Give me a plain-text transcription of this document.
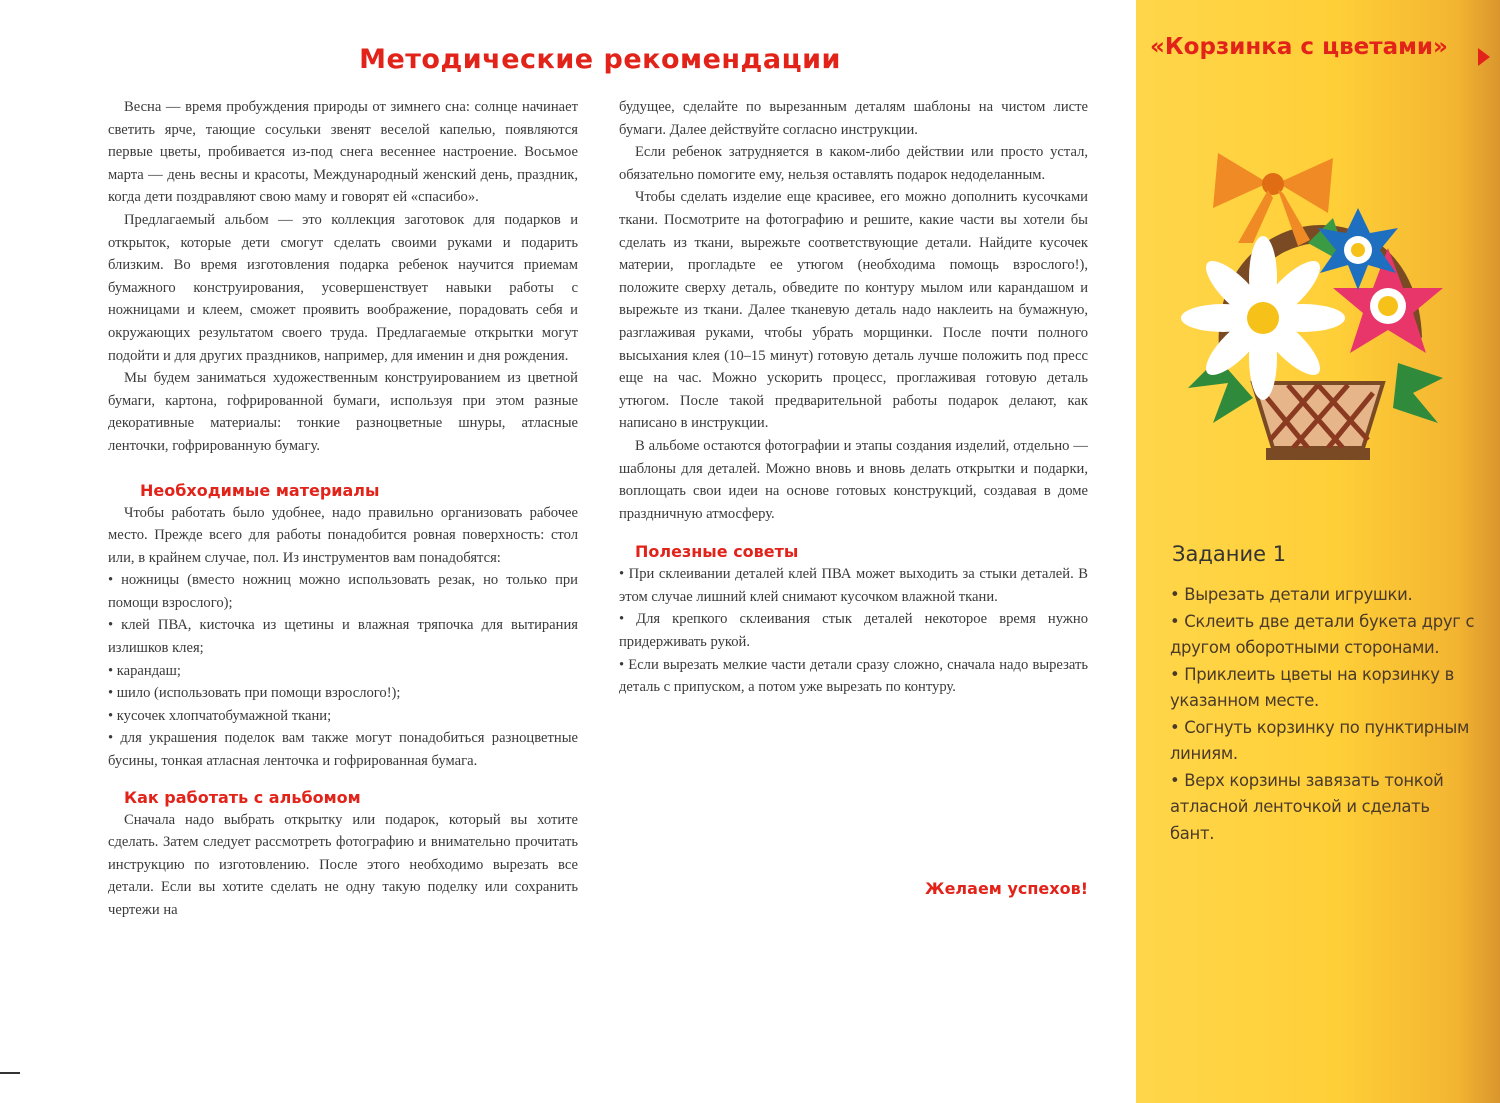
Методические рекомендации

Весна — время пробуждения природы от зимнего сна: солнце начинает светить ярче, тающие сосульки звенят веселой капелью, появляются первые цветы, пробивается из-под снега весеннее настроение. Восьмое марта — день весны и красоты, Международный женский день, праздник, когда дети поздравляют свою маму и говорят ей «спасибо».

Предлагаемый альбом — это коллекция заготовок для подарков и открыток, которые дети смогут сделать своими руками и подарить близким. Во время изготовления подарка ребенок научится приемам бумажного конструирования, усовершенствует навыки работы с ножницами и клеем, сможет проявить воображение, порадовать себя и окружающих результатом своего труда. Предлагаемые открытки могут подойти и для других праздников, например, для именин и дня рождения.

Мы будем заниматься художественным конструированием из цветной бумаги, картона, гофрированной бумаги, используя при этом разные декоративные материалы: тонкие разноцветные шнуры, атласные ленточки, гофрированную бумагу.

Необходимые материалы

Чтобы работать было удобнее, надо правильно организовать рабочее место. Прежде всего для работы понадобится ровная поверхность: стол или, в крайнем случае, пол. Из инструментов вам понадобятся:

• ножницы (вместо ножниц можно использовать резак, но только при помощи взрослого);

• клей ПВА, кисточка из щетины и влажная тряпочка для вытирания излишков клея;

• карандаш;

• шило (использовать при помощи взрослого!);

• кусочек хлопчатобумажной ткани;

• для украшения поделок вам также могут понадобиться разноцветные бусины, тонкая атласная ленточка и гофрированная бумага.

Как работать с альбомом

Сначала надо выбрать открытку или подарок, который вы хотите сделать. Затем следует рассмотреть фотографию и внимательно прочитать инструкцию по изготовлению. После этого необходимо вырезать все детали. Если вы хотите сделать не одну такую поделку или сохранить чертежи на

будущее, сделайте по вырезанным деталям шаблоны на чистом листе бумаги. Далее действуйте согласно инструкции.

Если ребенок затрудняется в каком-либо действии или просто устал, обязательно помогите ему, нельзя оставлять подарок недоделанным.

Чтобы сделать изделие еще красивее, его можно дополнить кусочками ткани. Посмотрите на фотографию и решите, какие части вы хотели бы сделать из ткани, вырежьте соответствующие детали. Найдите кусочек материи, прогладьте ее утюгом (необходима помощь взрослого!), положите сверху деталь, обведите по контуру мылом или карандашом и вырежьте из ткани. Далее тканевую деталь надо наклеить на бумажную, разглаживая руками, чтобы убрать морщинки. После почти полного высыхания клея (10–15 минут) готовую деталь лучше положить под пресс еще на час. Можно ускорить процесс, проглаживая готовую деталь утюгом. После такой предварительной работы подарок делают, как написано в инструкции.

В альбоме остаются фотографии и этапы создания изделий, отдельно — шаблоны для деталей. Можно вновь и вновь делать открытки и подарки, воплощать свои идеи на основе готовых конструкций, создавая в доме праздничную атмосферу.

Полезные советы

• При склеивании деталей клей ПВА может выходить за стыки деталей. В этом случае лишний клей снимают кусочком влажной ткани.

• Для крепкого склеивания стык деталей некоторое время нужно придерживать рукой.

• Если вырезать мелкие части детали сразу сложно, сначала надо вырезать деталь с припуском, а потом уже вырезать по контуру.

Желаем успехов!
«Корзинка с цветами»
Задание 1
• Вырезать детали игрушки.
• Склеить две детали букета друг с другом оборотными сторонами.
• Приклеить цветы на корзинку в указанном месте.
• Согнуть корзинку по пунктирным линиям.
• Верх корзины завязать тонкой атласной ленточкой и сделать бант.
